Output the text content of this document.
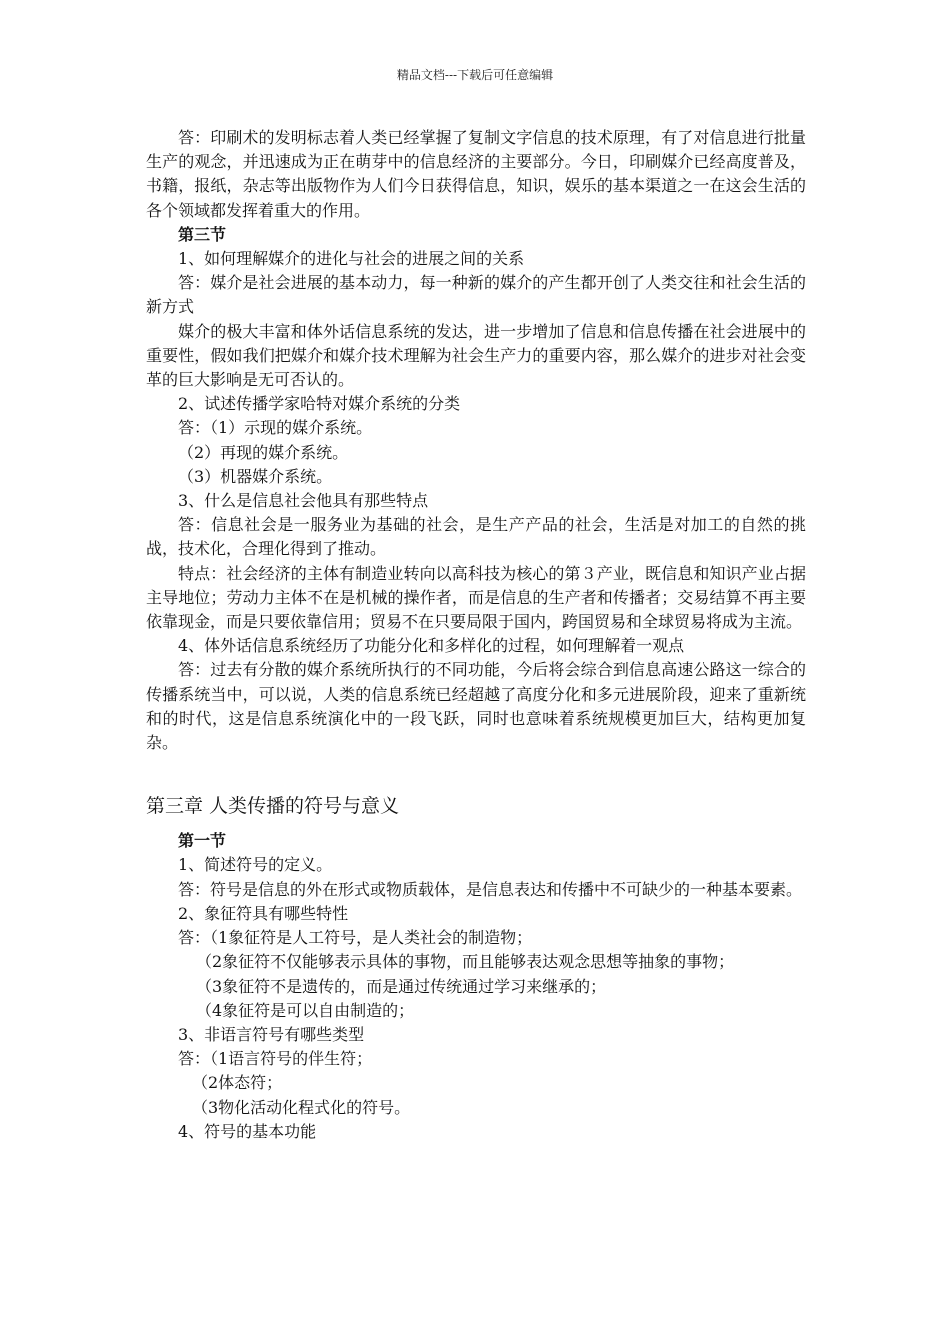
精品文档---下载后可任意编辑

答：印刷术的发明标志着人类已经掌握了复制文字信息的技术原理，有了对信息进行批量生产的观念，并迅速成为正在萌芽中的信息经济的主要部分。今日，印刷媒介已经高度普及，书籍，报纸，杂志等出版物作为人们今日获得信息，知识，娱乐的基本渠道之一在这会生活的各个领域都发挥着重大的作用。

第三节

1、如何理解媒介的进化与社会的进展之间的关系

答：媒介是社会进展的基本动力，每一种新的媒介的产生都开创了人类交往和社会生活的新方式

媒介的极大丰富和体外话信息系统的发达，进一步增加了信息和信息传播在社会进展中的重要性，假如我们把媒介和媒介技术理解为社会生产力的重要内容，那么媒介的进步对社会变革的巨大影响是无可否认的。

2、试述传播学家哈特对媒介系统的分类

答：（1）示现的媒介系统。

（2）再现的媒介系统。

（3）机器媒介系统。

3、什么是信息社会他具有那些特点

答：信息社会是一服务业为基础的社会，是生产产品的社会，生活是对加工的自然的挑战，技术化，合理化得到了推动。

特点：社会经济的主体有制造业转向以高科技为核心的第３产业，既信息和知识产业占据主导地位；劳动力主体不在是机械的操作者，而是信息的生产者和传播者；交易结算不再主要依靠现金，而是只要依靠信用；贸易不在只要局限于国内，跨国贸易和全球贸易将成为主流。

4、体外话信息系统经历了功能分化和多样化的过程，如何理解着一观点

答：过去有分散的媒介系统所执行的不同功能，今后将会综合到信息高速公路这一综合的传播系统当中，可以说，人类的信息系统已经超越了高度分化和多元进展阶段，迎来了重新统和的时代，这是信息系统演化中的一段飞跃，同时也意味着系统规模更加巨大，结构更加复杂。

第三章 人类传播的符号与意义

第一节

1、简述符号的定义。

答：符号是信息的外在形式或物质载体，是信息表达和传播中不可缺少的一种基本要素。

2、象征符具有哪些特性

答：（1象征符是人工符号，是人类社会的制造物；

（2象征符不仅能够表示具体的事物，而且能够表达观念思想等抽象的事物；

（3象征符不是遗传的，而是通过传统通过学习来继承的；

（4象征符是可以自由制造的；

3、非语言符号有哪些类型

答：（1语言符号的伴生符；

（2体态符；

（3物化活动化程式化的符号。

4、符号的基本功能
